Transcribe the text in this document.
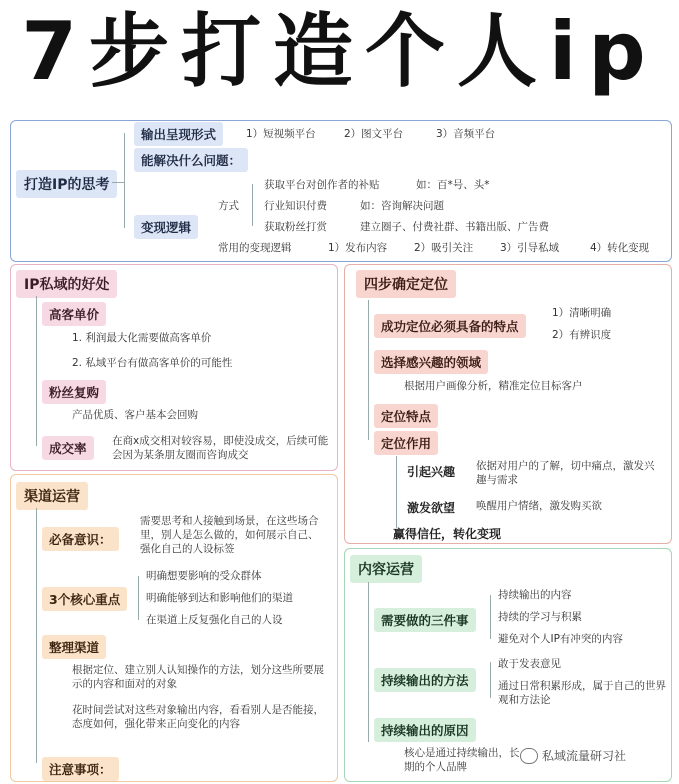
7步打造个人ip
打造IP的思考
输出呈现形式	1）短视频平台	2）图文平台	3）音频平台
能解决什么问题：
变现逻辑
方式
获取平台对创作者的补贴	如：百*号、头*
行业知识付费	如：咨询解决问题
获取粉丝打赏	建立圈子、付费社群、书籍出版、广告费
常用的变现逻辑	1）发布内容	2）吸引关注	3）引导私域	4）转化变现
IP私域的好处
高客单价
1. 利润最大化需要做高客单价
2. 私域平台有做高客单价的可能性
粉丝复购
产品优质、客户基本会回购
成交率	在商x成交相对较容易，即使没成交，后续可能会因为某条朋友圈而咨询成交
四步确定定位
成功定位必须具备的特点
1）清晰明确
2）有辨识度
选择感兴趣的领域
根据用户画像分析，精准定位目标客户
定位特点
定位作用
引起兴趣	依据对用户的了解，切中痛点，激发兴趣与需求
激发欲望	唤醒用户情绪，激发购买欲
赢得信任，转化变现
渠道运营
必备意识：
需要思考和人接触到场景，在这些场合里，别人是怎么做的，如何展示自己、强化自己的人设标签
3个核心重点
明确想要影响的受众群体
明确能够到达和影响他们的渠道
在渠道上反复强化自己的人设
整理渠道
根据定位、建立别人认知操作的方法，划分这些所要展示的内容和面对的对象
花时间尝试对这些对象输出内容，看看别人是否能接，态度如何，强化带来正向变化的内容
注意事项：
内容运营
需要做的三件事
持续输出的内容
持续的学习与积累
避免对个人IP有冲突的内容
持续输出的方法
敢于发表意见
通过日常积累形成，属于自己的世界观和方法论
持续输出的原因
核心是通过持续输出，长期的个人品牌
私域流量研习社
